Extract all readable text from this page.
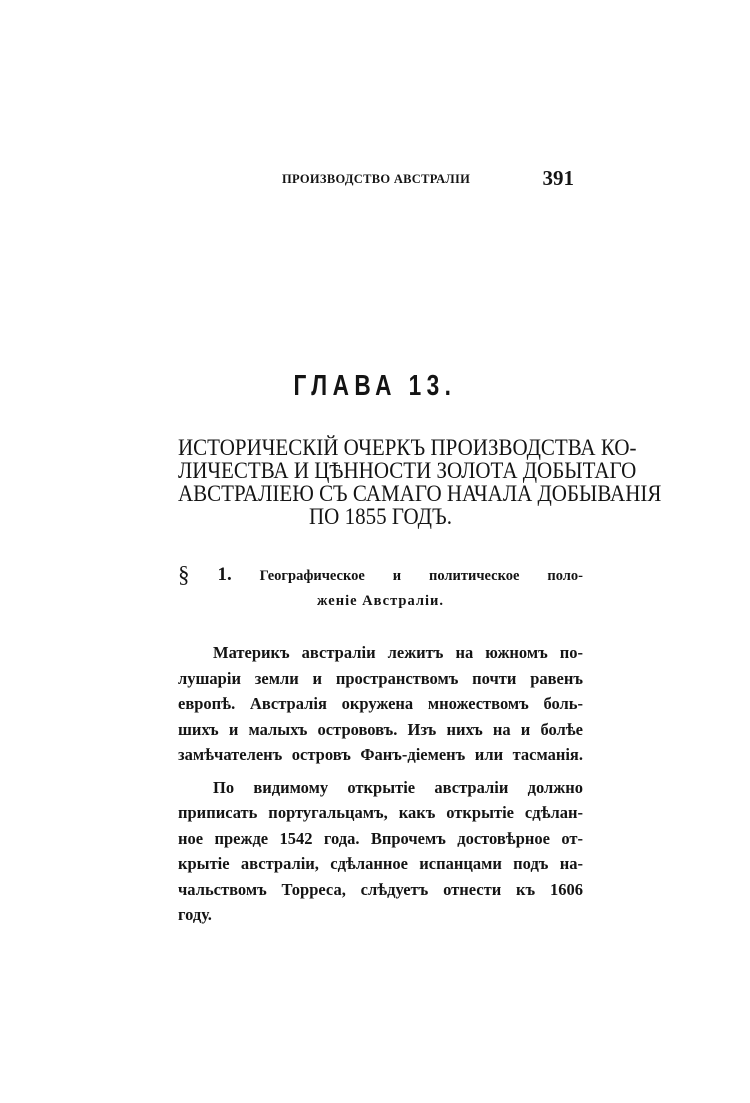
ПРОИЗВОДСТВО АВСТРАЛІИ	391
ГЛАВА 13.
ИСТОРИЧЕСКІЙ ОЧЕРКЪ ПРОИЗВОДСТВА КО-
ЛИЧЕСТВА И ЦѢННОСТИ ЗОЛОТА ДОБЫТАГО
АВСТРАЛІЕЮ СЪ САМАГО НАЧАЛА ДОБЫВАНІЯ
ПО 1855 ГОДЪ.
§ 1. Географическое и политическое поло-
женіе Австраліи.
Материкъ австраліи лежитъ на южномъ по-
лушаріи земли и пространствомъ почти равенъ
европѣ. Австралія окружена множествомъ боль-
шихъ и малыхъ острововъ. Изъ нихъ на и болѣе
замѣчателенъ островъ Фанъ-діеменъ или тасманія.
По видимому открытіе австраліи должно
приписать португальцамъ, какъ открытіе сдѣлан-
ное прежде 1542 года. Впрочемъ достовѣрное от-
крытіе австраліи, сдѣланное испанцами подъ на-
чальствомъ Торреса, слѣдуетъ отнести къ 1606
году.
